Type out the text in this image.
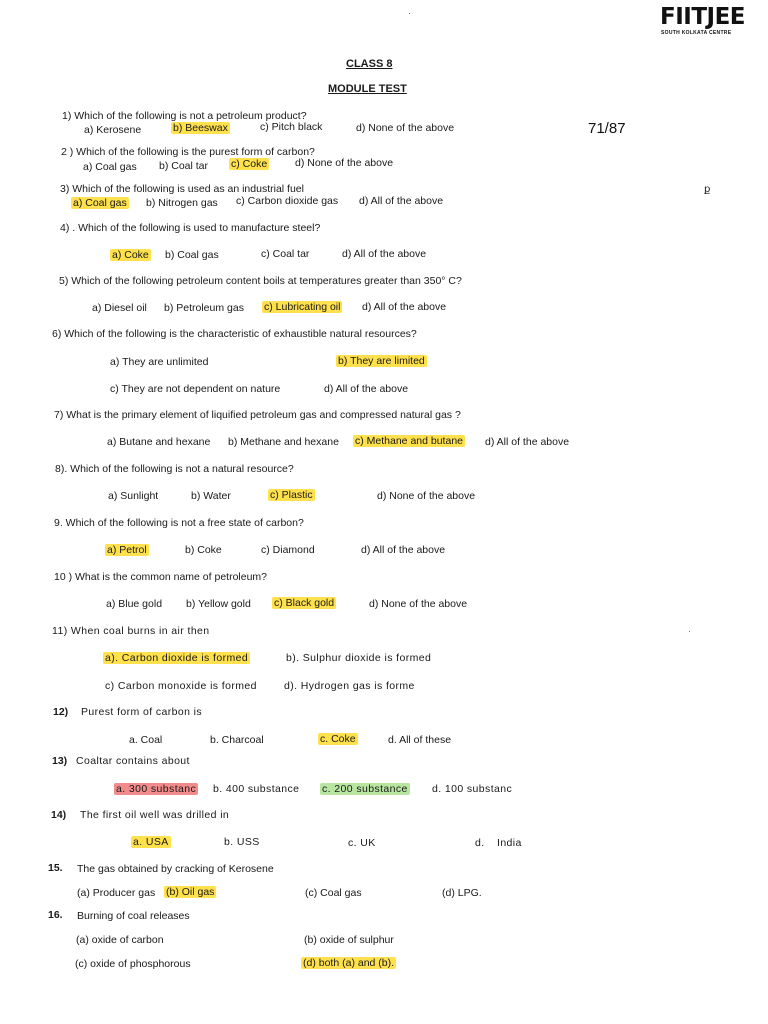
FIITJEE
SOUTH KOLKATA CENTRE
·
CLASS 8
MODULE TEST
71/87
ք
·
1) Which of the following is not a petroleum product?
a) Kerosene	b) Beeswax	c) Pitch black	d) None of the above
2 ) Which of the following is the purest form of carbon?
a) Coal gas b) Coal tar c) Coke	d) None of the above
3) Which of the following is used as an industrial fuel
a) Coal gas b) Nitrogen gas c) Carbon dioxide gas d) All of the above
4) . Which of the following is used to manufacture steel?
a) Coke b) Coal gas	c) Coal tar	d) All of the above
5) Which of the following petroleum content boils at temperatures greater than 350° C?
a) Diesel oil b) Petroleum gas c) Lubricating oil d) All of the above
6) Which of the following is the characteristic of exhaustible natural resources?
a) They are unlimited	b) They are limited
c) They are not dependent on nature	d) All of the above
7) What is the primary element of liquified petroleum gas and compressed natural gas ?
a) Butane and hexane b) Methane and hexane c) Methane and butane d) All of the above
8). Which of the following is not a natural resource?
a) Sunlight	b) Water	c) Plastic	d) None of the above
9. Which of the following is not a free state of carbon?
a) Petrol	b) Coke	c) Diamond	d) All of the above
10 ) What is the common name of petroleum?
a) Blue gold b) Yellow gold c) Black gold	d) None of the above
11) When coal burns in air then
a). Carbon dioxide is formed	b). Sulphur dioxide is formed
c) Carbon monoxide is formed	d). Hydrogen gas is forme
12) Purest form of carbon is
a. Coal	b. Charcoal	c. Coke	d. All of these
13) Coaltar contains about
a. 300 substanc b. 400 substance c. 200 substance d. 100 substanc
14) The first oil well was drilled in
a. USA	b. USS	c. UK	d. India
15. The gas obtained by cracking of Kerosene
(a) Producer gas (b) Oil gas	(c) Coal gas	(d) LPG.
16. Burning of coal releases
(a) oxide of carbon	(b) oxide of sulphur
(c) oxide of phosphorous	(d) both (a) and (b).
